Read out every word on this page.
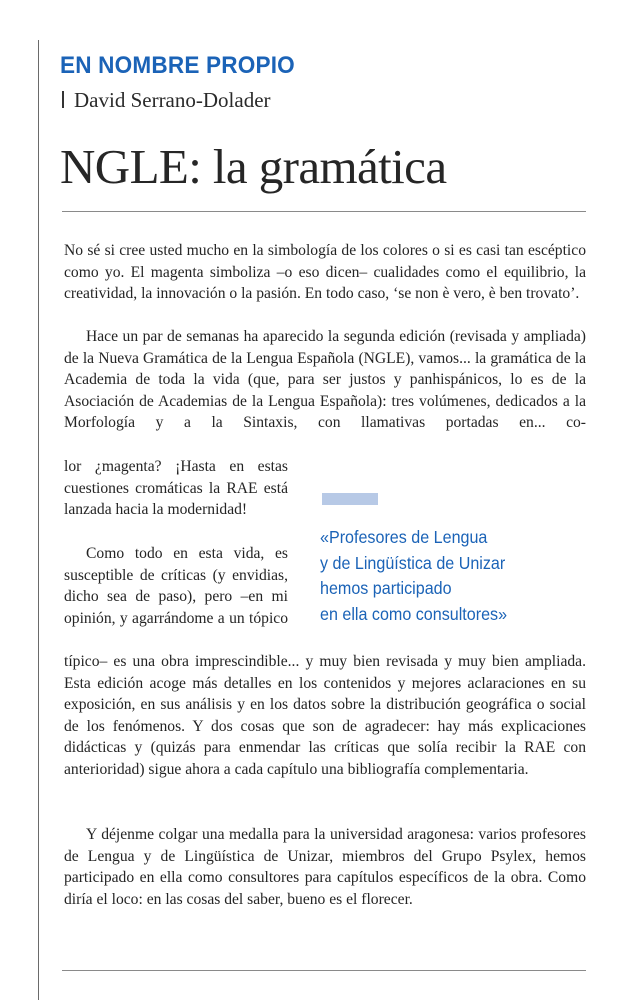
EN NOMBRE PROPIO
David Serrano-Dolader
NGLE: la gramática
No sé si cree usted mucho en la simbología de los colores o si es casi tan escéptico como yo. El magenta simboliza –o eso dicen– cualidades como el equilibrio, la creatividad, la innovación o la pasión. En todo caso, ‘se non è vero, è ben trovato’.
Hace un par de semanas ha aparecido la segunda edición (revisada y ampliada) de la Nueva Gramática de la Lengua Española (NGLE), vamos... la gramática de la Academia de toda la vida (que, para ser justos y panhispánicos, lo es de la Asociación de Academias de la Lengua Española): tres volúmenes, dedicados a la Morfología y a la Sintaxis, con llamativas portadas en... co-
lor ¿magenta? ¡Hasta en estas cuestiones cromáticas la RAE está lanzada hacia la modernidad!
Como todo en esta vida, es susceptible de críticas (y envidias, dicho sea de paso), pero –en mi opinión, y agarrándome a un tópico
típico– es una obra imprescindible... y muy bien revisada y muy bien ampliada. Esta edición acoge más detalles en los contenidos y mejores aclaraciones en su exposición, en sus análisis y en los datos sobre la distribución geográfica o social de los fenómenos. Y dos cosas que son de agradecer: hay más explicaciones didácticas y (quizás para enmendar las críticas que solía recibir la RAE con anterioridad) sigue ahora a cada capítulo una bibliografía complementaria.
Y déjenme colgar una medalla para la universidad aragonesa: varios profesores de Lengua y de Lingüística de Unizar, miembros del Grupo Psylex, hemos participado en ella como consultores para capítulos específicos de la obra. Como diría el loco: en las cosas del saber, bueno es el florecer.
«Profesores de Lengua
y de Lingüística de Unizar
hemos participado
en ella como consultores»
